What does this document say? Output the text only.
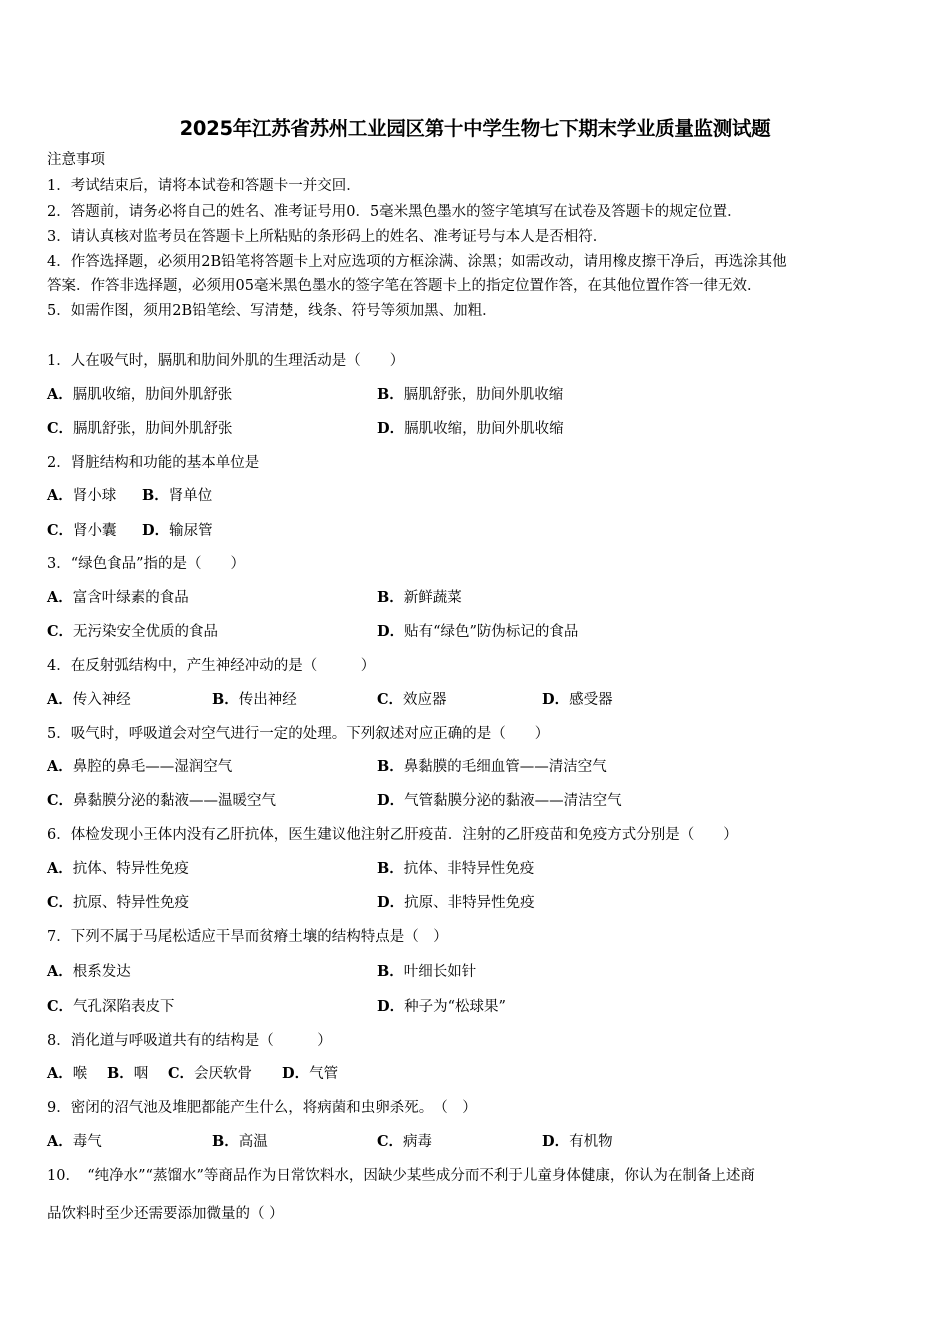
2025年江苏省苏州工业园区第十中学生物七下期末学业质量监测试题
注意事项
1．考试结束后，请将本试卷和答题卡一并交回．
2．答题前，请务必将自己的姓名、准考证号用0．5毫米黑色墨水的签字笔填写在试卷及答题卡的规定位置．
3．请认真核对监考员在答题卡上所粘贴的条形码上的姓名、准考证号与本人是否相符．
4．作答选择题，必须用2B铅笔将答题卡上对应选项的方框涂满、涂黑；如需改动，请用橡皮擦干净后，再选涂其他
答案．作答非选择题，必须用05毫米黑色墨水的签字笔在答题卡上的指定位置作答，在其他位置作答一律无效．
5．如需作图，须用2B铅笔绘、写清楚，线条、符号等须加黑、加粗．
1．人在吸气时，膈肌和肋间外肌的生理活动是（　　）
A．膈肌收缩，肋间外肌舒张	B．膈肌舒张，肋间外肌收缩
C．膈肌舒张，肋间外肌舒张	D．膈肌收缩，肋间外肌收缩
2．肾脏结构和功能的基本单位是
A．肾小球 B．肾单位
C．肾小囊 D．输尿管
3．“绿色食品”指的是（　　）
A．富含叶绿素的食品	B．新鲜蔬菜
C．无污染安全优质的食品	D．贴有“绿色”防伪标记的食品
4．在反射弧结构中，产生神经冲动的是（　　　）
A．传入神经	B．传出神经	C．效应器	D．感受器
5．吸气时，呼吸道会对空气进行一定的处理。下列叙述对应正确的是（　　）
A．鼻腔的鼻毛——湿润空气	B．鼻黏膜的毛细血管——清洁空气
C．鼻黏膜分泌的黏液——温暖空气	D．气管黏膜分泌的黏液——清洁空气
6．体检发现小王体内没有乙肝抗体，医生建议他注射乙肝疫苗．注射的乙肝疫苗和免疫方式分别是（　　）
A．抗体、特异性免疫	B．抗体、非特异性免疫
C．抗原、特异性免疫	D．抗原、非特异性免疫
7．下列不属于马尾松适应干旱而贫瘠土壤的结构特点是（　）
A．根系发达	B．叶细长如针
C．气孔深陷表皮下	D．种子为“松球果”
8．消化道与呼吸道共有的结构是（　　　）
A．喉 B．咽 C．会厌软骨 D．气管
9．密闭的沼气池及堆肥都能产生什么，将病菌和虫卵杀死。　（　）
A．毒气	B．高温	C．病毒	D．有机物
10．　“纯净水”“蒸馏水”等商品作为日常饮料水，因缺少某些成分而不利于儿童身体健康，你认为在制备上述商
品饮料时至少还需要添加微量的（ ）
